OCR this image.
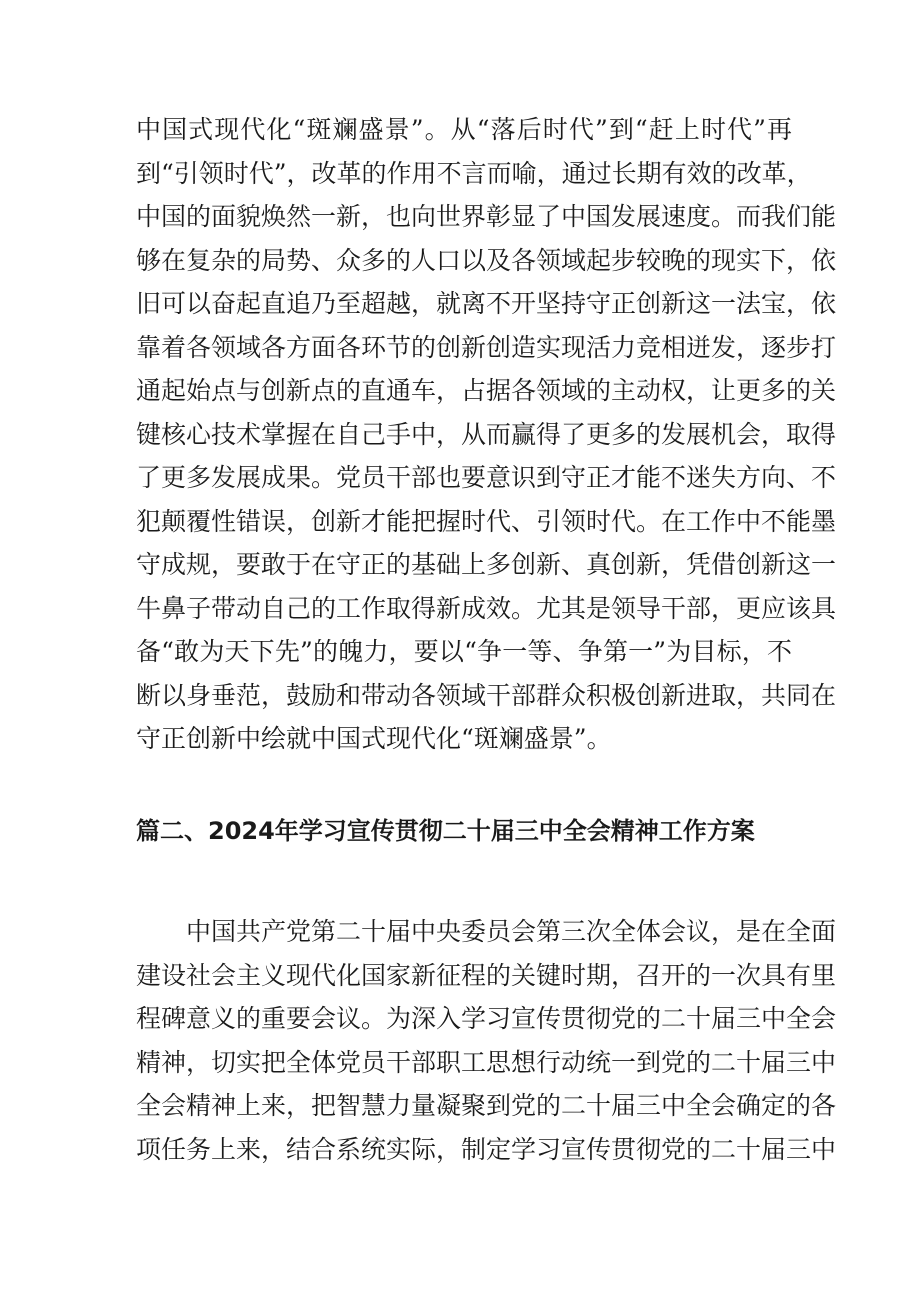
中国式现代化“斑斓盛景”。从“落后时代”到“赶上时代”再
到“引领时代”，改革的作用不言而喻，通过长期有效的改革，
中国的面貌焕然一新，也向世界彰显了中国发展速度。而我们能
够在复杂的局势、众多的人口以及各领域起步较晚的现实下，依
旧可以奋起直追乃至超越，就离不开坚持守正创新这一法宝，依
靠着各领域各方面各环节的创新创造实现活力竞相迸发，逐步打
通起始点与创新点的直通车，占据各领域的主动权，让更多的关
键核心技术掌握在自己手中，从而赢得了更多的发展机会，取得
了更多发展成果。党员干部也要意识到守正才能不迷失方向、不
犯颠覆性错误，创新才能把握时代、引领时代。在工作中不能墨
守成规，要敢于在守正的基础上多创新、真创新，凭借创新这一
牛鼻子带动自己的工作取得新成效。尤其是领导干部，更应该具
备“敢为天下先”的魄力，要以“争一等、争第一”为目标，不
断以身垂范，鼓励和带动各领域干部群众积极创新进取，共同在
守正创新中绘就中国式现代化“斑斓盛景”。
篇二、2024年学习宣传贯彻二十届三中全会精神工作方案
中国共产党第二十届中央委员会第三次全体会议，是在全面
建设社会主义现代化国家新征程的关键时期，召开的一次具有里
程碑意义的重要会议。为深入学习宣传贯彻党的二十届三中全会
精神，切实把全体党员干部职工思想行动统一到党的二十届三中
全会精神上来，把智慧力量凝聚到党的二十届三中全会确定的各
项任务上来，结合系统实际，制定学习宣传贯彻党的二十届三中
